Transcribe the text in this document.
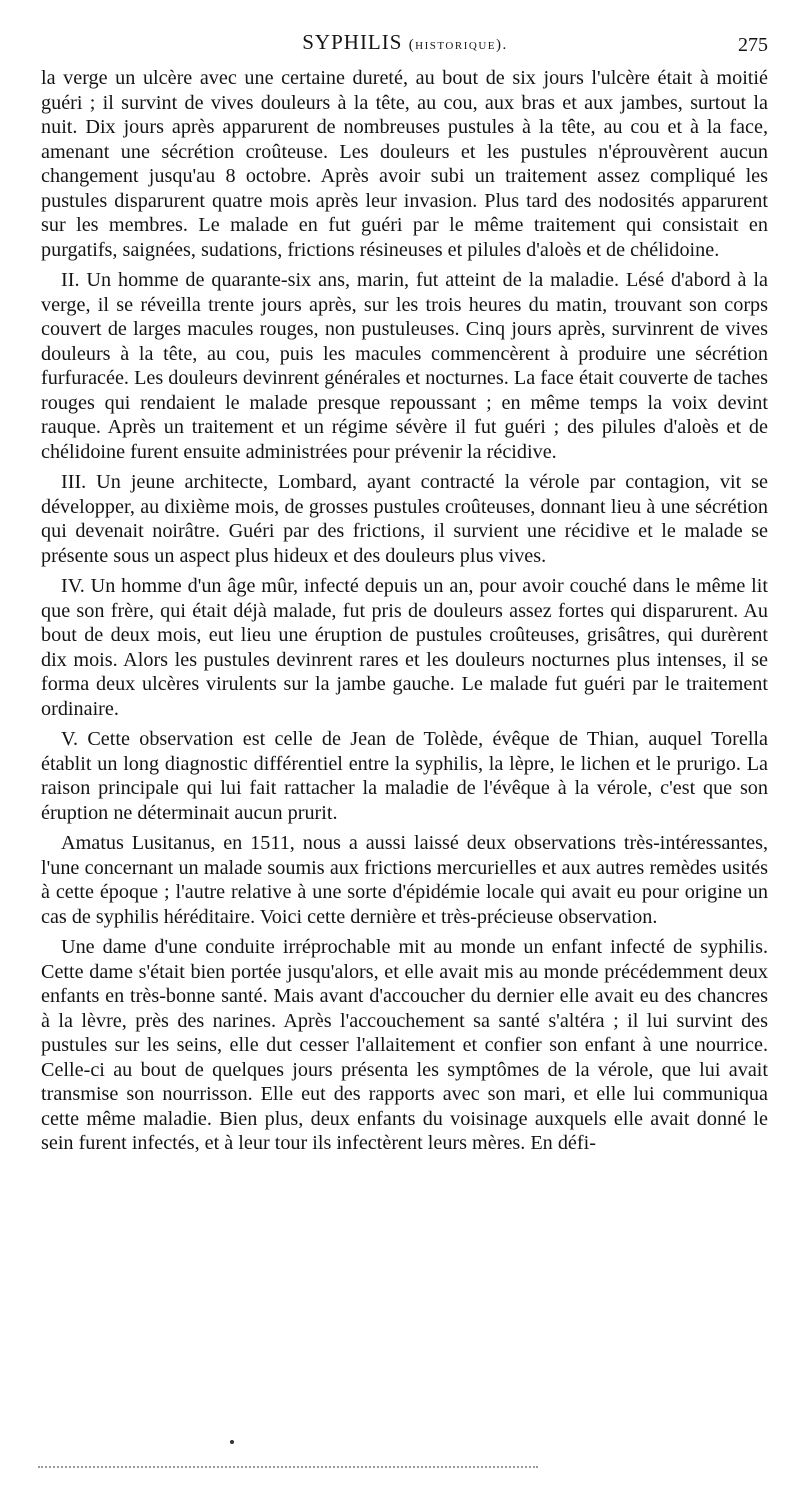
SYPHILIS (historique).	275

la verge un ulcère avec une certaine dureté, au bout de six jours l'ulcère était à moitié guéri ; il survint de vives douleurs à la tête, au cou, aux bras et aux jambes, surtout la nuit. Dix jours après apparurent de nombreuses pustules à la tête, au cou et à la face, amenant une sécrétion croûteuse. Les douleurs et les pustules n'éprouvèrent aucun changement jusqu'au 8 octobre. Après avoir subi un traitement assez compliqué les pustules disparurent quatre mois après leur invasion. Plus tard des nodosités apparurent sur les membres. Le malade en fut guéri par le même traitement qui consistait en purgatifs, saignées, sudations, frictions résineuses et pilules d'aloès et de chélidoine.

II. Un homme de quarante-six ans, marin, fut atteint de la maladie. Lésé d'abord à la verge, il se réveilla trente jours après, sur les trois heures du matin, trouvant son corps couvert de larges macules rouges, non pustuleuses. Cinq jours après, survinrent de vives douleurs à la tête, au cou, puis les macules commencèrent à produire une sécrétion furfuracée. Les douleurs devinrent générales et nocturnes. La face était couverte de taches rouges qui rendaient le malade presque repoussant ; en même temps la voix devint rauque. Après un traitement et un régime sévère il fut guéri ; des pilules d'aloès et de chélidoine furent ensuite administrées pour prévenir la récidive.

III. Un jeune architecte, Lombard, ayant contracté la vérole par contagion, vit se développer, au dixième mois, de grosses pustules croûteuses, donnant lieu à une sécrétion qui devenait noirâtre. Guéri par des frictions, il survient une récidive et le malade se présente sous un aspect plus hideux et des douleurs plus vives.

IV. Un homme d'un âge mûr, infecté depuis un an, pour avoir couché dans le même lit que son frère, qui était déjà malade, fut pris de douleurs assez fortes qui disparurent. Au bout de deux mois, eut lieu une éruption de pustules croûteuses, grisâtres, qui durèrent dix mois. Alors les pustules devinrent rares et les douleurs nocturnes plus intenses, il se forma deux ulcères virulents sur la jambe gauche. Le malade fut guéri par le traitement ordinaire.

V. Cette observation est celle de Jean de Tolède, évêque de Thian, auquel Torella établit un long diagnostic différentiel entre la syphilis, la lèpre, le lichen et le prurigo. La raison principale qui lui fait rattacher la maladie de l'évêque à la vérole, c'est que son éruption ne déterminait aucun prurit.

Amatus Lusitanus, en 1511, nous a aussi laissé deux observations très-intéressantes, l'une concernant un malade soumis aux frictions mercurielles et aux autres remèdes usités à cette époque ; l'autre relative à une sorte d'épidémie locale qui avait eu pour origine un cas de syphilis héréditaire. Voici cette dernière et très-précieuse observation.

Une dame d'une conduite irréprochable mit au monde un enfant infecté de syphilis. Cette dame s'était bien portée jusqu'alors, et elle avait mis au monde précédemment deux enfants en très-bonne santé. Mais avant d'accoucher du dernier elle avait eu des chancres à la lèvre, près des narines. Après l'accouchement sa santé s'altéra ; il lui survint des pustules sur les seins, elle dut cesser l'allaitement et confier son enfant à une nourrice. Celle-ci au bout de quelques jours présenta les symptômes de la vérole, que lui avait transmise son nourrisson. Elle eut des rapports avec son mari, et elle lui communiqua cette même maladie. Bien plus, deux enfants du voisinage auxquels elle avait donné le sein furent infectés, et à leur tour ils infectèrent leurs mères. En défi-
